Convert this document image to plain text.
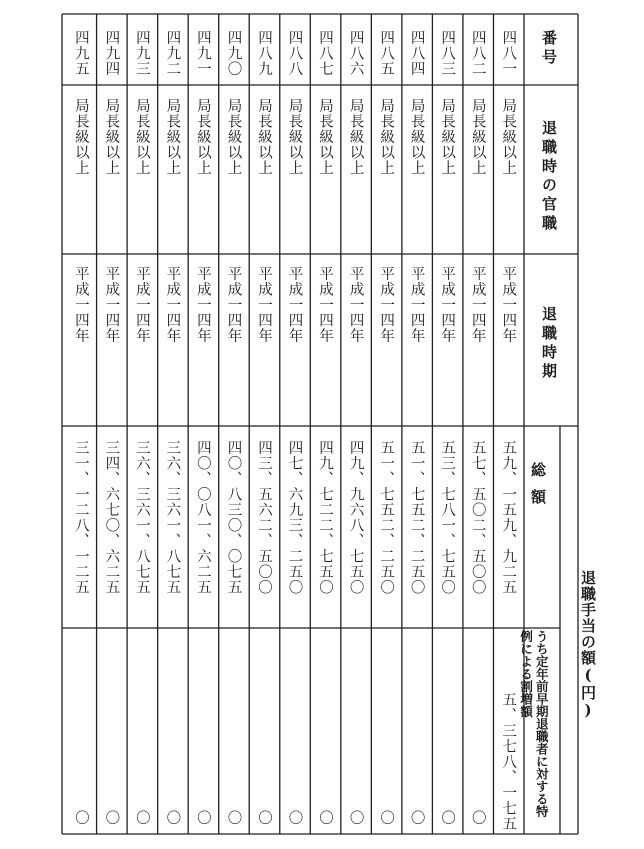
番号
退職時の官職
退職時期
退職手当の額(円)
総額
うち定年前早期退職者に対する特例による割増額
四八一
局長級以上
平成一四年
五九、一五九、九二五
五、三七八、一七五
四八二
局長級以上
平成一四年
五七、五〇二、五〇〇
〇
四八三
局長級以上
平成一四年
五三、七八一、七五〇
〇
四八四
局長級以上
平成一四年
五一、七五二、二五〇
〇
四八五
局長級以上
平成一四年
五一、七五二、二五〇
〇
四八六
局長級以上
平成一四年
四九、九六八、七五〇
〇
四八七
局長級以上
平成一四年
四九、七二二、七五〇
〇
四八八
局長級以上
平成一四年
四七、六九三、二五〇
〇
四八九
局長級以上
平成一四年
四三、五六二、五〇〇
〇
四九〇
局長級以上
平成一四年
四〇、八三〇、〇七五
〇
四九一
局長級以上
平成一四年
四〇、〇八一、六二五
〇
四九二
局長級以上
平成一四年
三六、三六一、八七五
〇
四九三
局長級以上
平成一四年
三六、三六一、八七五
〇
四九四
局長級以上
平成一四年
三四、六七〇、六二五
〇
四九五
局長級以上
平成一四年
三一、一二八、一二五
〇
